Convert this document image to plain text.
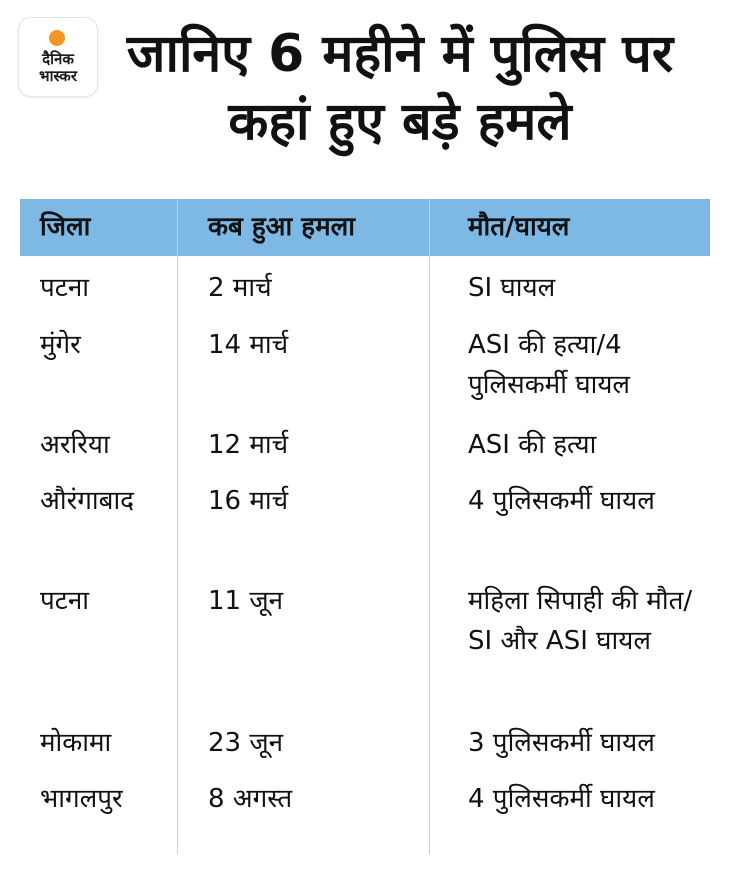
दैनिक
भास्कर जानिए 6 महीने में पुलिस पर कहां हुए बड़े हमले
जिला	कब हुआ हमला	मौत/घायल
पटना	2 मार्च	SI घायल
मुंगेर	14 मार्च	ASI की हत्या/4 पुलिसकर्मी घायल
अररिया	12 मार्च	ASI की हत्या
औरंगाबाद	16 मार्च	4 पुलिसकर्मी घायल
पटना	11 जून	महिला सिपाही की मौत/ SI और ASI घायल
मोकामा	23 जून	3 पुलिसकर्मी घायल
भागलपुर	8 अगस्त	4 पुलिसकर्मी घायल
